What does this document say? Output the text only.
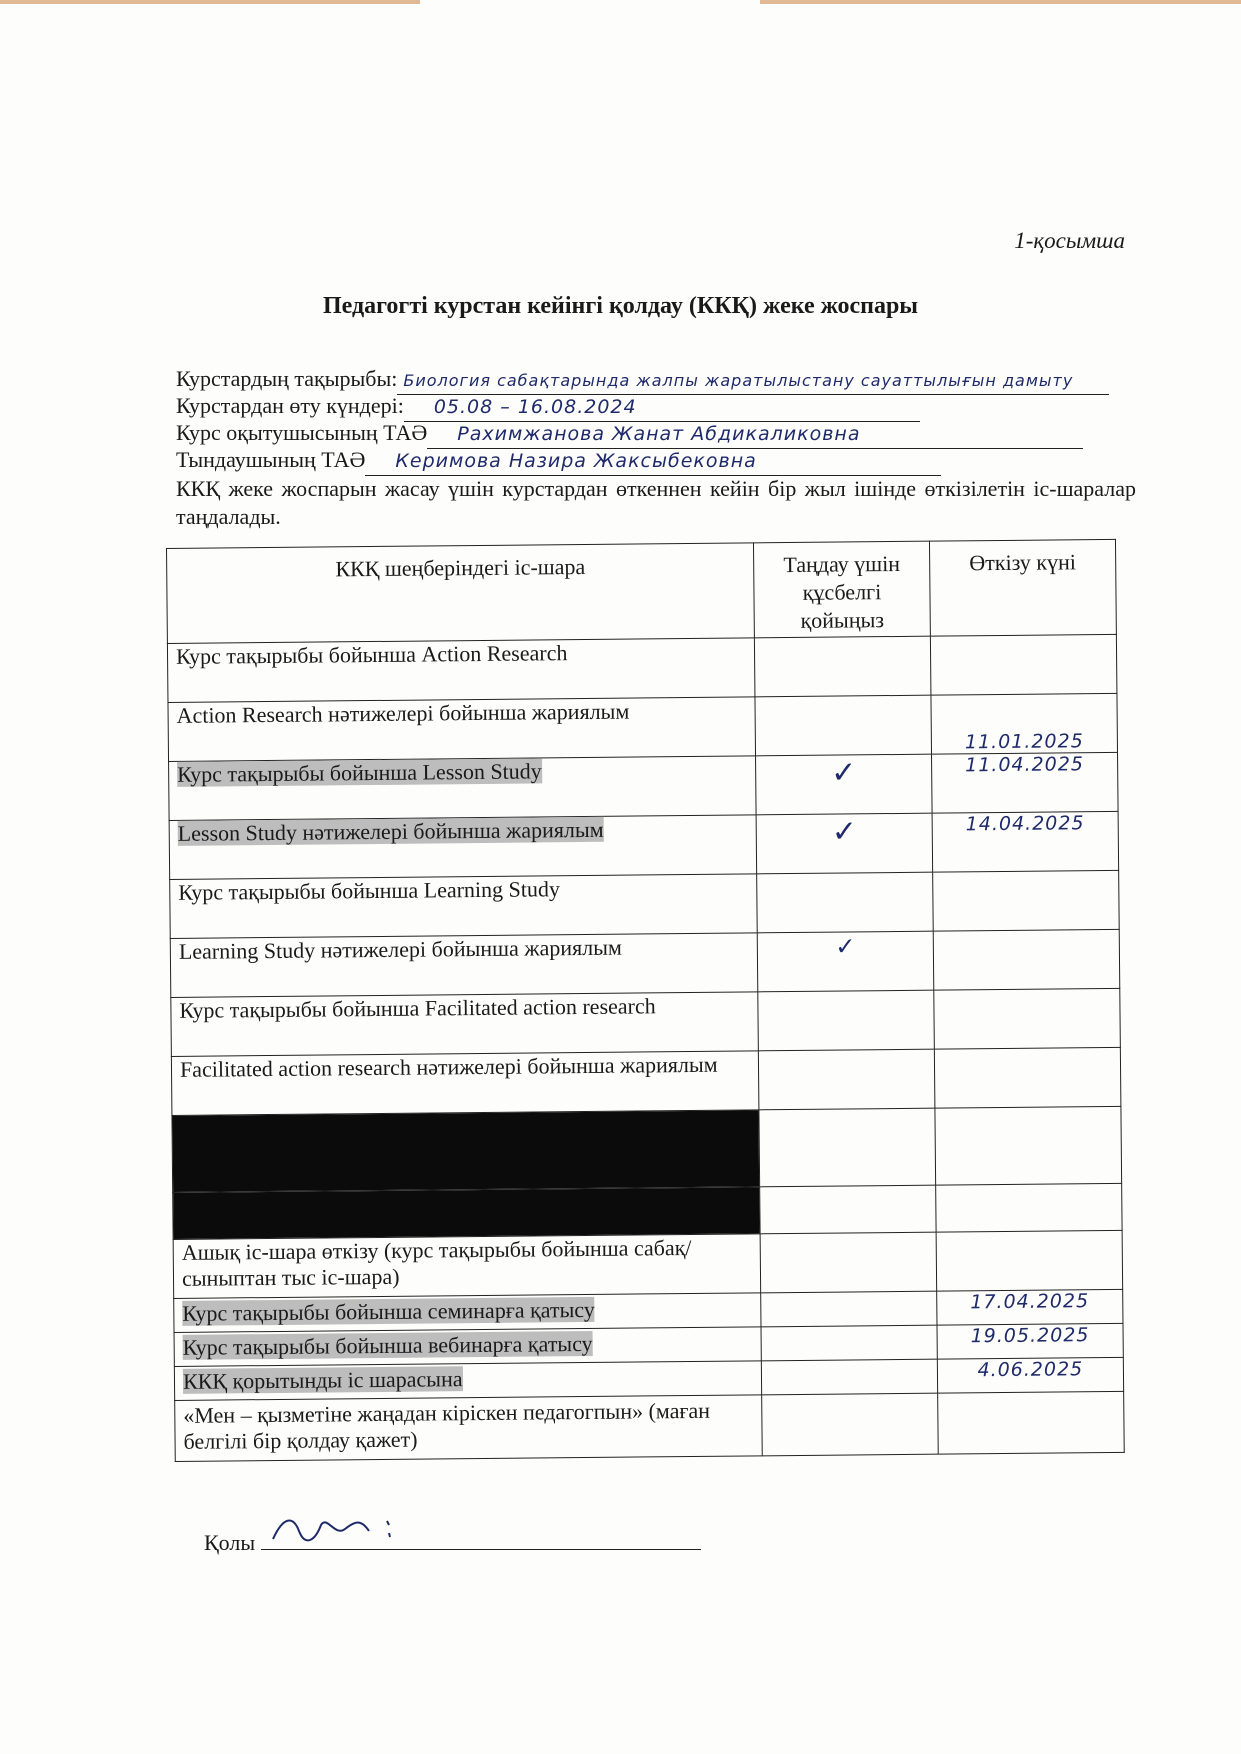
1-қосымша
Педагогті курстан кейінгі қолдау (ККҚ) жеке жоспары
Курстардың тақырыбы: Биология сабақтарында жалпы жаратылыстану сауаттылығын дамыту
Курстардан өту күндері: 05.08 – 16.08.2024
Курс оқытушысының ТАӘ Рахимжанова Жанат Абдикаликовна
Тындаушының ТАӘ Керимова Назира Жаксыбековна
ККҚ жеке жоспарын жасау үшін курстардан өткеннен кейін бір жыл ішінде өткізілетін іс-шаралар таңдалады.
ККҚ шеңберіндегі іс-шара	Таңдау үшін құсбелгі қойыңыз	Өткізу күні
Курс тақырыбы бойынша Action Research		
Action Research нәтижелері бойынша жариялым		11.01.2025
Курс тақырыбы бойынша Lesson Study	✓	11.04.2025
Lesson Study нәтижелері бойынша жариялым	✓	14.04.2025
Курс тақырыбы бойынша Learning Study		
Learning Study нәтижелері бойынша жариялым	✓	
Курс тақырыбы бойынша Facilitated action research		
Facilitated action research нәтижелері бойынша жариялым		

Ашық іс-шара өткізу (курс тақырыбы бойынша сабақ/ сыныптан тыс іс-шара)		
Курс тақырыбы бойынша семинарға қатысу		17.04.2025
Курс тақырыбы бойынша вебинарға қатысу		19.05.2025
ККҚ қорытынды іс шарасына		4.06.2025
«Мен – қызметіне жаңадан кіріскен педагогпын» (маған белгілі бір қолдау қажет)		
Қолы
